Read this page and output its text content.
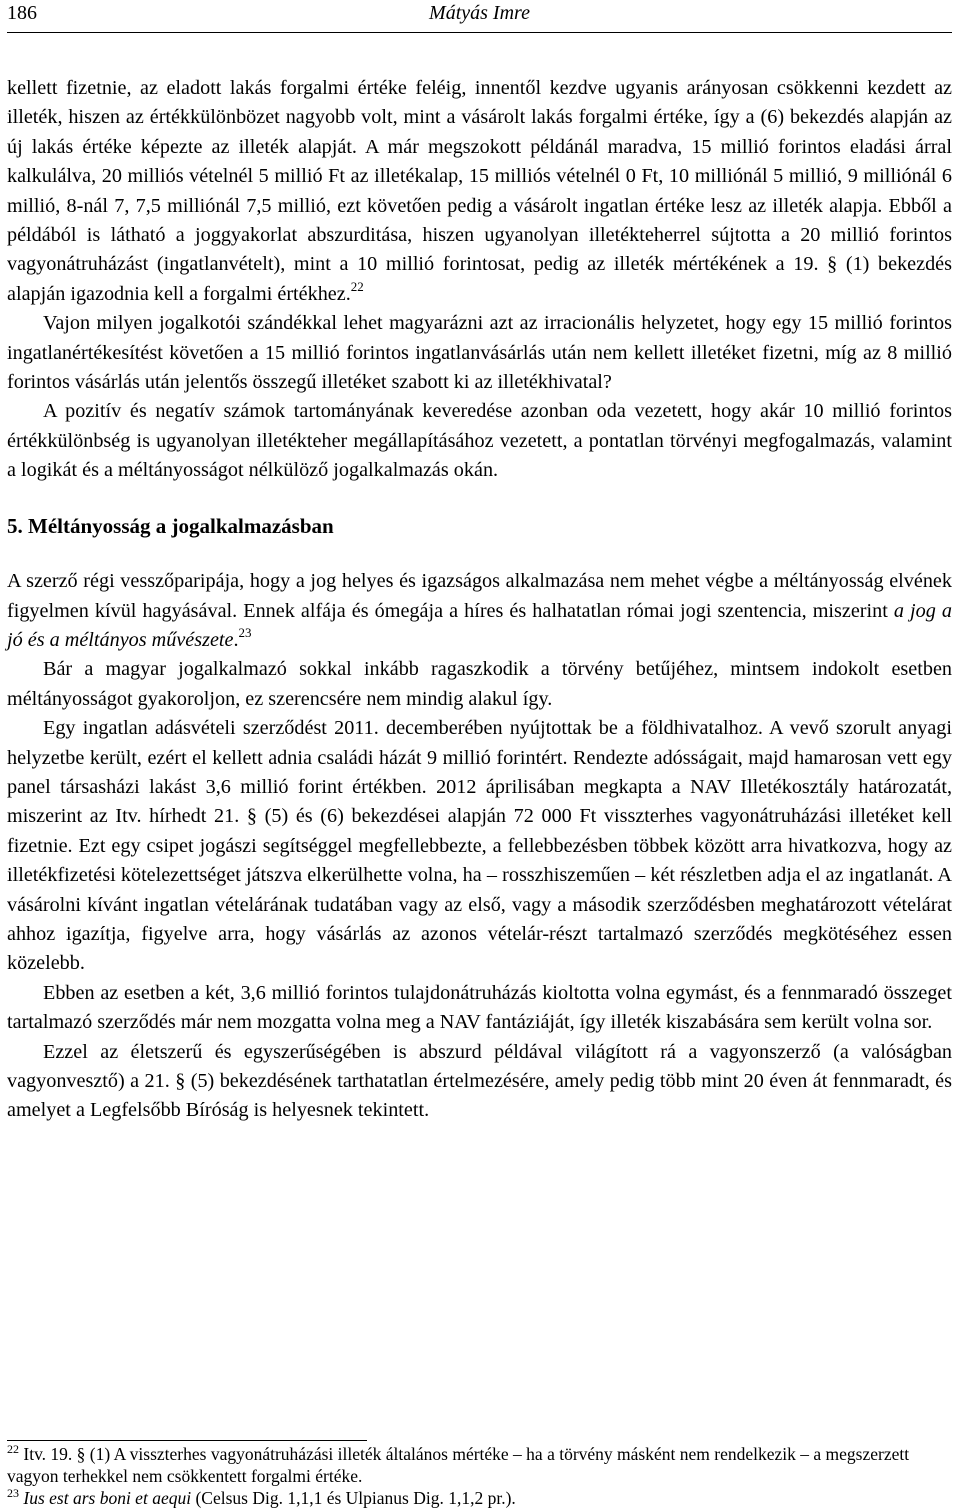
186	Mátyás Imre

kellett fizetnie, az eladott lakás forgalmi értéke feléig, innentől kezdve ugyanis arányosan csökkenni kezdett az illeték, hiszen az értékkülönbözet nagyobb volt, mint a vásárolt lakás forgalmi értéke, így a (6) bekezdés alapján az új lakás értéke képezte az illeték alapját. A már megszokott példánál maradva, 15 millió forintos eladási árral kalkulálva, 20 milliós vételnél 5 millió Ft az illetékalap, 15 milliós vételnél 0 Ft, 10 milliónál 5 millió, 9 milliónál 6 millió, 8-nál 7, 7,5 milliónál 7,5 millió, ezt követően pedig a vásárolt ingatlan értéke lesz az illeték alapja. Ebből a példából is látható a joggyakorlat abszurditása, hiszen ugyanolyan illetékteherrel sújtotta a 20 millió forintos vagyonátruházást (ingatlanvételt), mint a 10 millió forintosat, pedig az illeték mértékének a 19. § (1) bekezdés alapján igazodnia kell a forgalmi értékhez.$^{22}$

Vajon milyen jogalkotói szándékkal lehet magyarázni azt az irracionális helyzetet, hogy egy 15 millió forintos ingatlanértékesítést követően a 15 millió forintos ingatlanvásárlás után nem kellett illetéket fizetni, míg az 8 millió forintos vásárlás után jelentős összegű illetéket szabott ki az illetékhivatal?

A pozitív és negatív számok tartományának keveredése azonban oda vezetett, hogy akár 10 millió forintos értékkülönbség is ugyanolyan illetékteher megállapításához vezetett, a pontatlan törvényi megfogalmazás, valamint a logikát és a méltányosságot nélkülöző jogalkalmazás okán.

5. Méltányosság a jogalkalmazásban

A szerző régi vesszőparipája, hogy a jog helyes és igazságos alkalmazása nem mehet végbe a méltányosság elvének figyelmen kívül hagyásával. Ennek alfája és ómegája a híres és halhatatlan római jogi szentencia, miszerint a jog a jó és a méltányos művészete.$^{23}$

Bár a magyar jogalkalmazó sokkal inkább ragaszkodik a törvény betűjéhez, mintsem indokolt esetben méltányosságot gyakoroljon, ez szerencsére nem mindig alakul így.

Egy ingatlan adásvételi szerződést 2011. decemberében nyújtottak be a földhivatalhoz. A vevő szorult anyagi helyzetbe került, ezért el kellett adnia családi házát 9 millió forintért. Rendezte adósságait, majd hamarosan vett egy panel társasházi lakást 3,6 millió forint értékben. 2012 áprilisában megkapta a NAV Illetékosztály határozatát, miszerint az Itv. hírhedt 21. § (5) és (6) bekezdései alapján 72 000 Ft visszterhes vagyonátruházási illetéket kell fizetnie. Ezt egy csipet jogászi segítséggel megfellebbezte, a fellebbezésben többek között arra hivatkozva, hogy az illetékfizetési kötelezettséget játszva elkerülhette volna, ha – rosszhiszeműen – két részletben adja el az ingatlanát. A vásárolni kívánt ingatlan vételárának tudatában vagy az első, vagy a második szerződésben meghatározott vételárat ahhoz igazítja, figyelve arra, hogy vásárlás az azonos vételár-részt tartalmazó szerződés megkötéséhez essen közelebb.

Ebben az esetben a két, 3,6 millió forintos tulajdonátruházás kioltotta volna egymást, és a fennmaradó összeget tartalmazó szerződés már nem mozgatta volna meg a NAV fantáziáját, így illeték kiszabására sem került volna sor.

Ezzel az életszerű és egyszerűségében is abszurd példával világított rá a vagyonszerző (a valóságban vagyonvesztő) a 21. § (5) bekezdésének tarthatatlan értelmezésére, amely pedig több mint 20 éven át fennmaradt, és amelyet a Legfelsőbb Bíróság is helyesnek tekintett.

$^{22}$ Itv. 19. § (1) A visszterhes vagyonátruházási illeték általános mértéke – ha a törvény másként nem rendelkezik – a megszerzett vagyon terhekkel nem csökkentett forgalmi értéke.

$^{23}$ Ius est ars boni et aequi (Celsus Dig. 1,1,1 és Ulpianus Dig. 1,1,2 pr.).
